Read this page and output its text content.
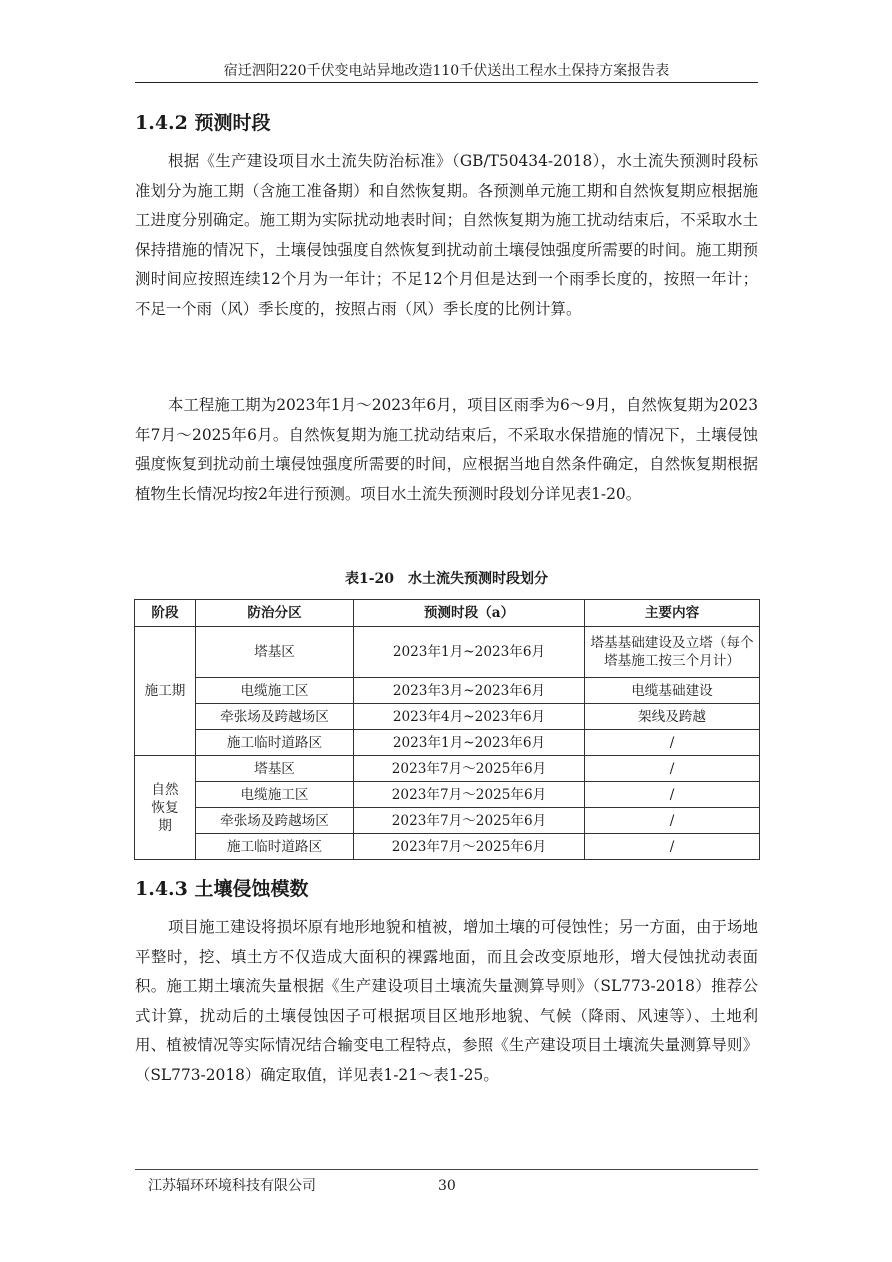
宿迁泗阳220千伏变电站异地改造110千伏送出工程水土保持方案报告表
1.4.2 预测时段

根据《生产建设项目水土流失防治标准》（GB/T50434-2018），水土流失预测时段标准划分为施工期（含施工准备期）和自然恢复期。各预测单元施工期和自然恢复期应根据施工进度分别确定。施工期为实际扰动地表时间；自然恢复期为施工扰动结束后，不采取水土保持措施的情况下，土壤侵蚀强度自然恢复到扰动前土壤侵蚀强度所需要的时间。施工期预测时间应按照连续12个月为一年计；不足12个月但是达到一个雨季长度的，按照一年计；不足一个雨（风）季长度的，按照占雨（风）季长度的比例计算。

本工程施工期为2023年1月～2023年6月，项目区雨季为6～9月，自然恢复期为2023年7月～2025年6月。自然恢复期为施工扰动结束后，不采取水保措施的情况下，土壤侵蚀强度恢复到扰动前土壤侵蚀强度所需要的时间，应根据当地自然条件确定，自然恢复期根据植物生长情况均按2年进行预测。项目水土流失预测时段划分详见表1-20。

表1-20　水土流失预测时段划分
阶段	防治分区	预测时段（a）	主要内容
施工期	塔基区	2023年1月~2023年6月	塔基基础建设及立塔（每个塔基施工按三个月计）
	电缆施工区	2023年3月~2023年6月	电缆基础建设
	牵张场及跨越场区	2023年4月~2023年6月	架线及跨越
	施工临时道路区	2023年1月~2023年6月	/
自然恢复期	塔基区	2023年7月～2025年6月	/
	电缆施工区	2023年7月～2025年6月	/
	牵张场及跨越场区	2023年7月～2025年6月	/
	施工临时道路区	2023年7月～2025年6月	/
1.4.3 土壤侵蚀模数

项目施工建设将损坏原有地形地貌和植被，增加土壤的可侵蚀性；另一方面，由于场地平整时，挖、填土方不仅造成大面积的裸露地面，而且会改变原地形，增大侵蚀扰动表面积。施工期土壤流失量根据《生产建设项目土壤流失量测算导则》（SL773-2018）推荐公式计算，扰动后的土壤侵蚀因子可根据项目区地形地貌、气候（降雨、风速等）、土地利用、植被情况等实际情况结合输变电工程特点，参照《生产建设项目土壤流失量测算导则》（SL773-2018）确定取值，详见表1-21～表1-25。

江苏辐环环境科技有限公司	30
